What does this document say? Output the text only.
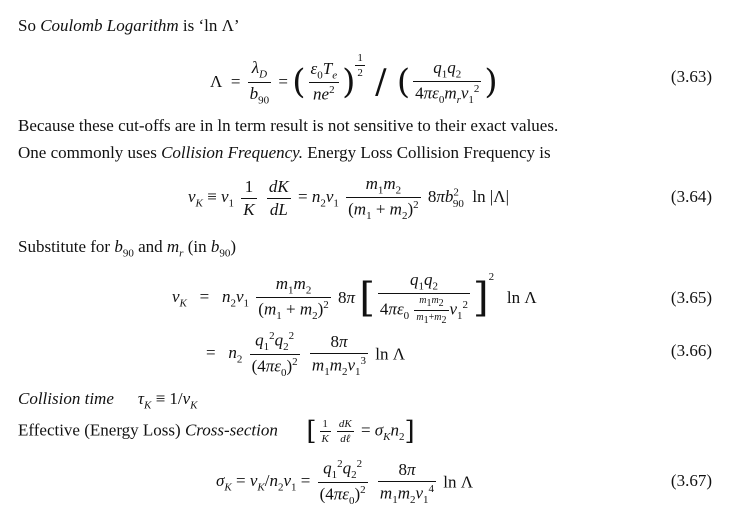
So Coulomb Logarithm is ‘ln Λ’
$\Lambda = \frac{\lambda_D}{b_{90}}$ = ( $\frac{\varepsilon_0T_e}{ne^2}$ ) $^{\frac{1}{2}}$ / ( $\frac{q_1q_2}{4\pi\varepsilon_0m_rv_1^2}$ )	(3.63)
Because these cut-offs are in ln term result is not sensitive to their exact values.
One commonly uses Collision Frequency. Energy Loss Collision Frequency is
$\nu_K \equiv v_1 \frac{1}{K}$
$\frac{dK}{dL} = n_2v_1 \frac{m_1m_2}{(m_1 + m_2)^2} 8\pi b^2_{90}$  ln |Λ|	(3.64)
Substitute for $b_{90}$ and $m_r$ (in $b_{90}$)
$\nu_K = n_2v_1 \frac{m_1m_2}{(m_1 + m_2)^2} 8\pi$ [ $\frac{q_1q_2}{4\pi\varepsilon_0 \frac{m_1m_2}{m_1+m_2} v_1^2} ]^2$   ln Λ	(3.65)
=   $n_2 \frac{q_1^2q_2^2}{(4\pi\varepsilon_0)^2}$
$\frac{8\pi}{m_1m_2v_1^3}$ ln Λ	(3.66)
Collision time $\tau_K \equiv 1/\nu_K$
Effective (Energy Loss) Cross-section [ $\frac{1}{K} \frac{dK}{\text{dℓ}} = \sigma_Kn_2$]
$\sigma_K = \nu_K/n_2v_1 = \frac{q_1^2q_2^2}{(4\pi\varepsilon_0)^2}$
$\frac{8\pi}{m_1m_2v_1^4}$ ln Λ	(3.67)
